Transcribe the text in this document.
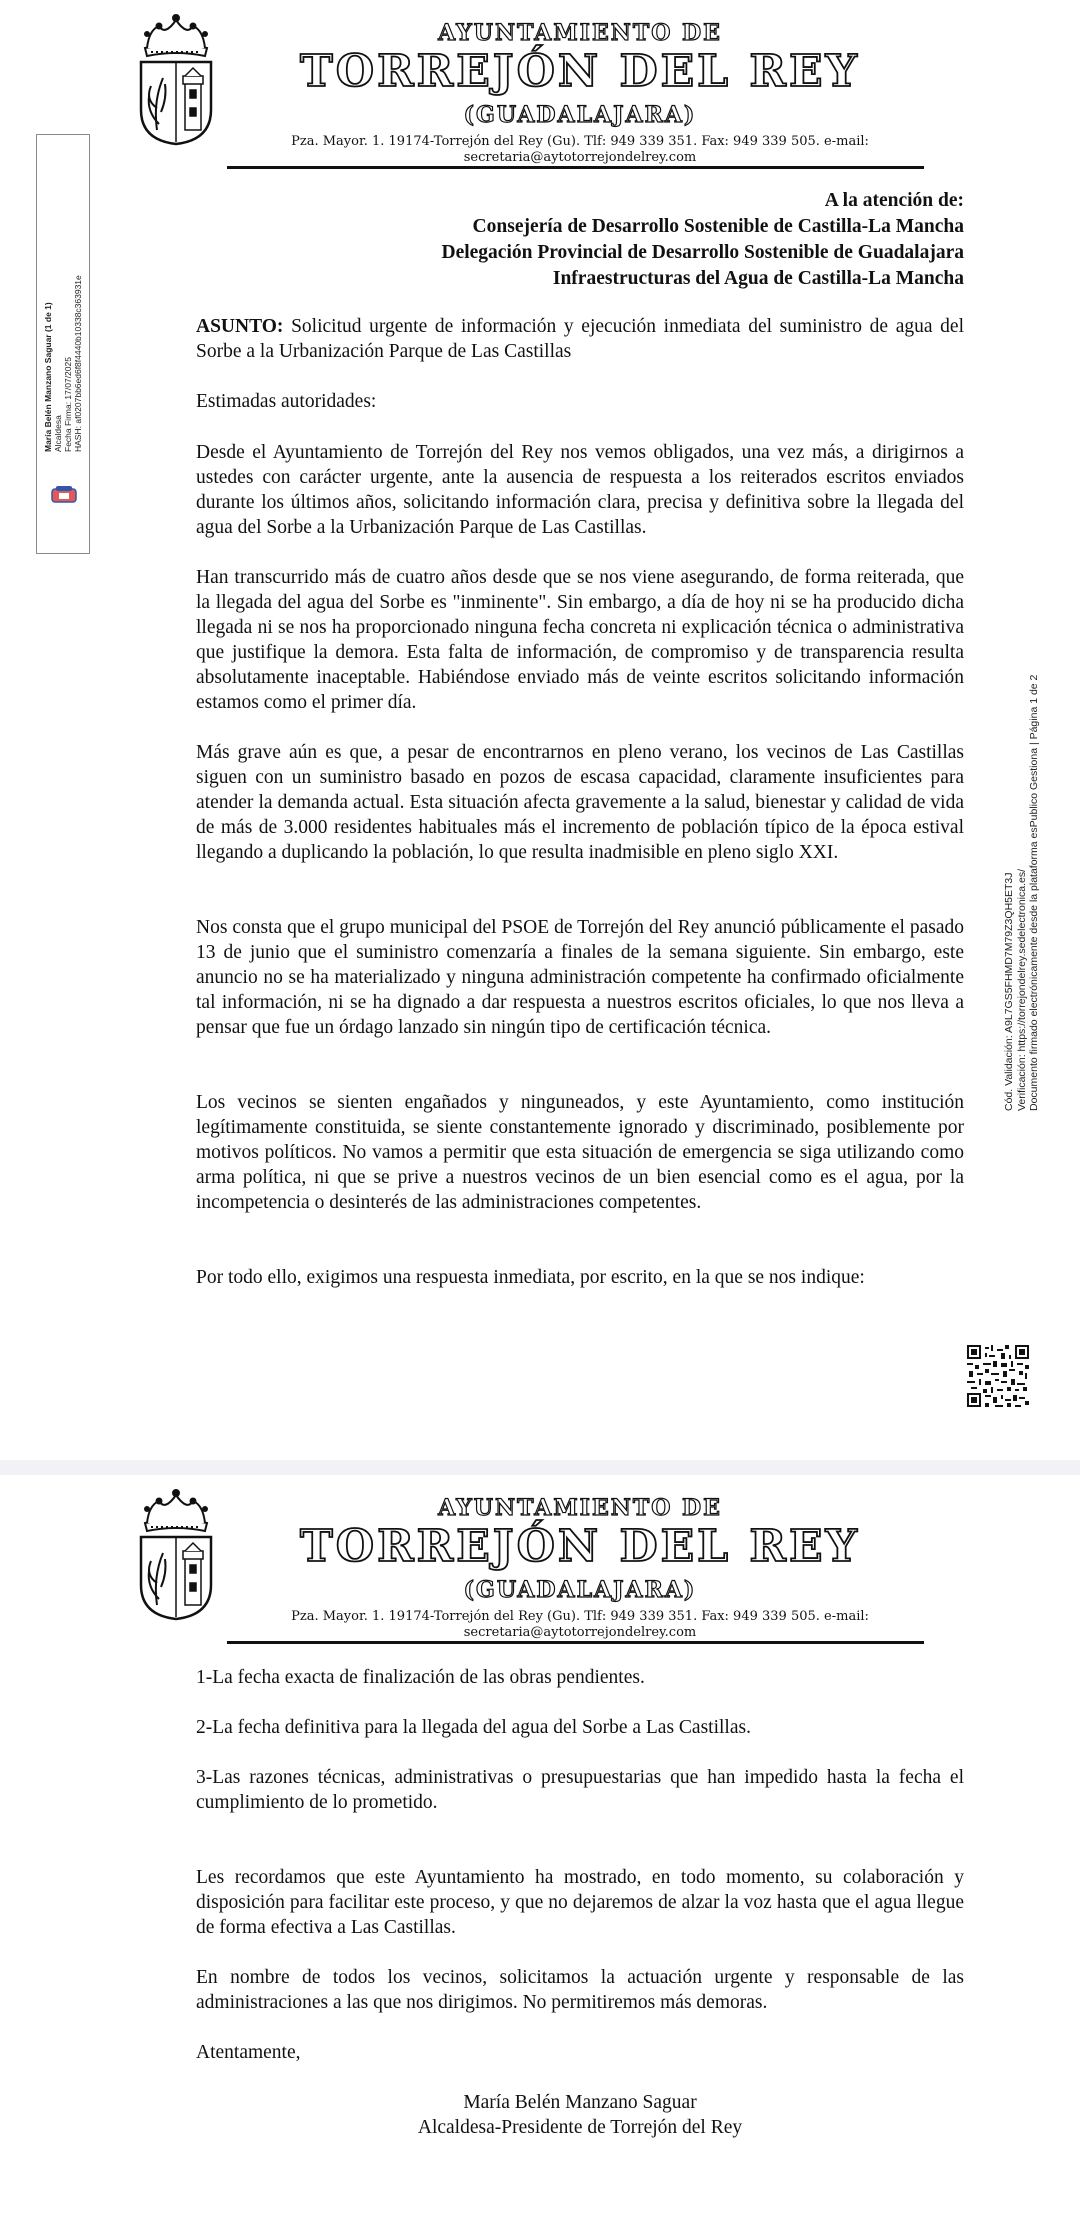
AYUNTAMIENTO DE
TORREJÓN DEL REY
(GUADALAJARA)
Pza. Mayor. 1. 19174-Torrejón del Rey (Gu). Tlf: 949 339 351. Fax: 949 339 505. e-mail:
secretaria@aytotorrejondelrey.com
María Belén Manzano Saguar (1 de 1) Alcaldesa Fecha Firma: 17/07/2025 HASH: af0207bb6ed6f8f4440b10338c363931e
A la atención de:
Consejería de Desarrollo Sostenible de Castilla-La Mancha
Delegación Provincial de Desarrollo Sostenible de Guadalajara
Infraestructuras del Agua de Castilla-La Mancha
ASUNTO: Solicitud urgente de información y ejecución inmediata del suministro de agua del Sorbe a la Urbanización Parque de Las Castillas
Estimadas autoridades:
Desde el Ayuntamiento de Torrejón del Rey nos vemos obligados, una vez más, a dirigirnos a ustedes con carácter urgente, ante la ausencia de respuesta a los reiterados escritos enviados durante los últimos años, solicitando información clara, precisa y definitiva sobre la llegada del agua del Sorbe a la Urbanización Parque de Las Castillas.
Han transcurrido más de cuatro años desde que se nos viene asegurando, de forma reiterada, que la llegada del agua del Sorbe es "inminente". Sin embargo, a día de hoy ni se ha producido dicha llegada ni se nos ha proporcionado ninguna fecha concreta ni explicación técnica o administrativa que justifique la demora. Esta falta de información, de compromiso y de transparencia resulta absolutamente inaceptable. Habiéndose enviado más de veinte escritos solicitando información estamos como el primer día.
Más grave aún es que, a pesar de encontrarnos en pleno verano, los vecinos de Las Castillas siguen con un suministro basado en pozos de escasa capacidad, claramente insuficientes para atender la demanda actual. Esta situación afecta gravemente a la salud, bienestar y calidad de vida de más de 3.000 residentes habituales más el incremento de población típico de la época estival llegando a duplicando la población, lo que resulta inadmisible en pleno siglo XXI.
Nos consta que el grupo municipal del PSOE de Torrejón del Rey anunció públicamente el pasado 13 de junio que el suministro comenzaría a finales de la semana siguiente. Sin embargo, este anuncio no se ha materializado y ninguna administración competente ha confirmado oficialmente tal información, ni se ha dignado a dar respuesta a nuestros escritos oficiales, lo que nos lleva a pensar que fue un órdago lanzado sin ningún tipo de certificación técnica.
Los vecinos se sienten engañados y ninguneados, y este Ayuntamiento, como institución legítimamente constituida, se siente constantemente ignorado y discriminado, posiblemente por motivos políticos. No vamos a permitir que esta situación de emergencia se siga utilizando como arma política, ni que se prive a nuestros vecinos de un bien esencial como es el agua, por la incompetencia o desinterés de las administraciones competentes.
Por todo ello, exigimos una respuesta inmediata, por escrito, en la que se nos indique:
Cód. Validación: A9L7GS5FHMD7M79Z3QH5ET3J Verificación: https://torrejondelrey.sedelectronica.es/ Documento firmado electrónicamente desde la plataforma esPublico Gestiona | Página 1 de 2
AYUNTAMIENTO DE
TORREJÓN DEL REY
(GUADALAJARA)
Pza. Mayor. 1. 19174-Torrejón del Rey (Gu). Tlf: 949 339 351. Fax: 949 339 505. e-mail:
secretaria@aytotorrejondelrey.com
1-La fecha exacta de finalización de las obras pendientes.
2-La fecha definitiva para la llegada del agua del Sorbe a Las Castillas.
3-Las razones técnicas, administrativas o presupuestarias que han impedido hasta la fecha el cumplimiento de lo prometido.
Les recordamos que este Ayuntamiento ha mostrado, en todo momento, su colaboración y disposición para facilitar este proceso, y que no dejaremos de alzar la voz hasta que el agua llegue de forma efectiva a Las Castillas.
En nombre de todos los vecinos, solicitamos la actuación urgente y responsable de las administraciones a las que nos dirigimos. No permitiremos más demoras.
Atentamente,
María Belén Manzano Saguar
Alcaldesa-Presidente de Torrejón del Rey
